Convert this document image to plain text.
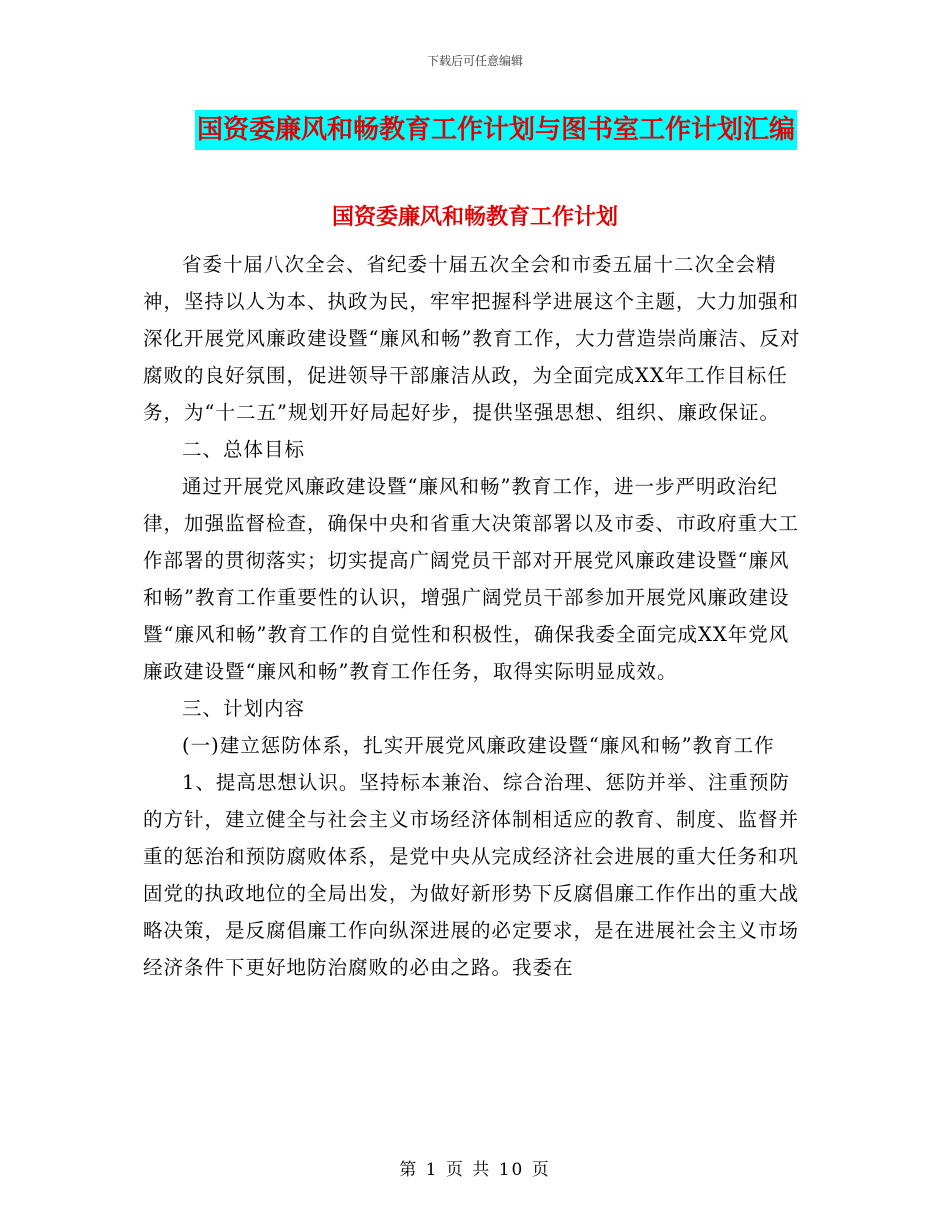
下载后可任意编辑
国资委廉风和畅教育工作计划与图书室工作计划汇编
国资委廉风和畅教育工作计划

省委十届八次全会、省纪委十届五次全会和市委五届十二次全会精神，坚持以人为本、执政为民，牢牢把握科学进展这个主题，大力加强和深化开展党风廉政建设暨“廉风和畅”教育工作，大力营造崇尚廉洁、反对腐败的良好氛围，促进领导干部廉洁从政，为全面完成XX年工作目标任务，为“十二五”规划开好局起好步，提供坚强思想、组织、廉政保证。

二、总体目标

通过开展党风廉政建设暨“廉风和畅”教育工作，进一步严明政治纪律，加强监督检查，确保中央和省重大决策部署以及市委、市政府重大工作部署的贯彻落实；切实提高广阔党员干部对开展党风廉政建设暨“廉风和畅”教育工作重要性的认识，增强广阔党员干部参加开展党风廉政建设暨“廉风和畅”教育工作的自觉性和积极性，确保我委全面完成XX年党风廉政建设暨“廉风和畅”教育工作任务，取得实际明显成效。

三、计划内容

(一)建立惩防体系，扎实开展党风廉政建设暨“廉风和畅”教育工作

1、提高思想认识。坚持标本兼治、综合治理、惩防并举、注重预防的方针，建立健全与社会主义市场经济体制相适应的教育、制度、监督并重的惩治和预防腐败体系，是党中央从完成经济社会进展的重大任务和巩固党的执政地位的全局出发，为做好新形势下反腐倡廉工作作出的重大战略决策，是反腐倡廉工作向纵深进展的必定要求，是在进展社会主义市场经济条件下更好地防治腐败的必由之路。我委在

第 1 页 共 10 页
